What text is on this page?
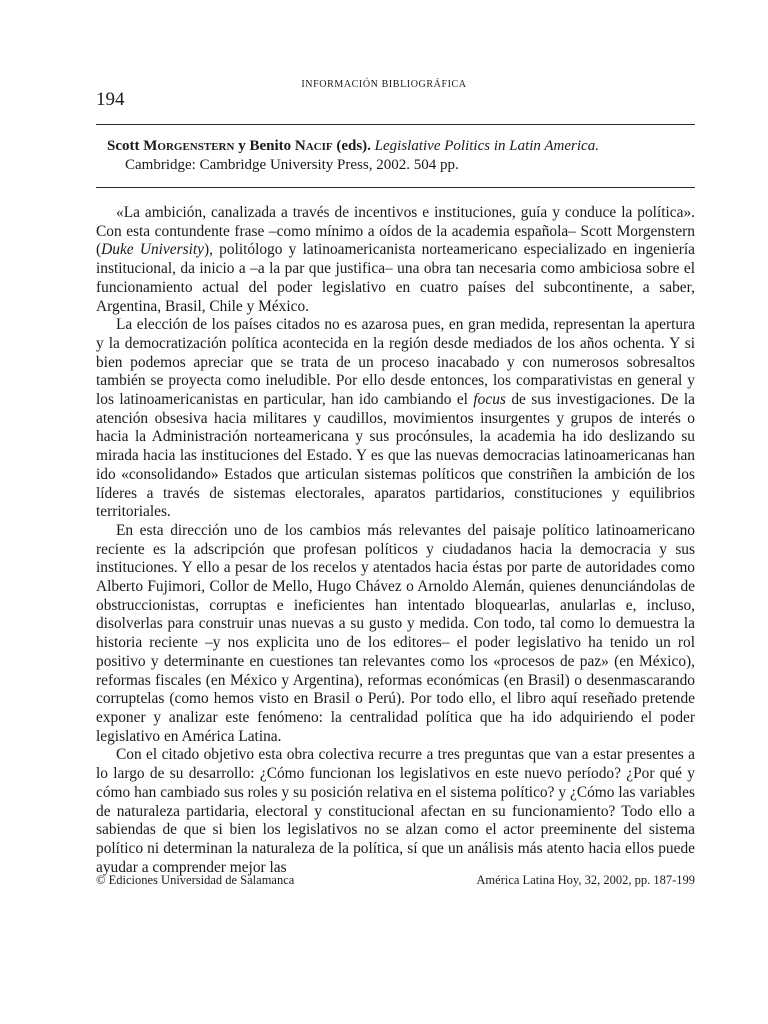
INFORMACIÓN BIBLIOGRÁFICA
194
Scott Morgenstern y Benito Nacif (eds). Legislative Politics in Latin America.
Cambridge: Cambridge University Press, 2002. 504 pp.

«La ambición, canalizada a través de incentivos e instituciones, guía y conduce la política». Con esta contundente frase –como mínimo a oídos de la academia española– Scott Morgenstern (Duke University), politólogo y latinoamericanista norteamericano especializado en ingeniería institucional, da inicio a –a la par que justifica– una obra tan necesaria como ambiciosa sobre el funcionamiento actual del poder legislativo en cuatro países del subcontinente, a saber, Argentina, Brasil, Chile y México.

La elección de los países citados no es azarosa pues, en gran medida, representan la apertura y la democratización política acontecida en la región desde mediados de los años ochenta. Y si bien podemos apreciar que se trata de un proceso inacabado y con numerosos sobresaltos también se proyecta como ineludible. Por ello desde entonces, los comparativistas en general y los latinoamericanistas en particular, han ido cambiando el focus de sus investigaciones. De la atención obsesiva hacia militares y caudillos, movimientos insurgentes y grupos de interés o hacia la Administración norteamericana y sus procónsules, la academia ha ido deslizando su mirada hacia las instituciones del Estado. Y es que las nuevas democracias latinoamericanas han ido «consolidando» Estados que articulan sistemas políticos que constriñen la ambición de los líderes a través de sistemas electorales, aparatos partidarios, constituciones y equilibrios territoriales.

En esta dirección uno de los cambios más relevantes del paisaje político latinoamericano reciente es la adscripción que profesan políticos y ciudadanos hacia la democracia y sus instituciones. Y ello a pesar de los recelos y atentados hacia éstas por parte de autoridades como Alberto Fujimori, Collor de Mello, Hugo Chávez o Arnoldo Alemán, quienes denunciándolas de obstruccionistas, corruptas e ineficientes han intentado bloquearlas, anularlas e, incluso, disolverlas para construir unas nuevas a su gusto y medida. Con todo, tal como lo demuestra la historia reciente –y nos explicita uno de los editores– el poder legislativo ha tenido un rol positivo y determinante en cuestiones tan relevantes como los «procesos de paz» (en México), reformas fiscales (en México y Argentina), reformas económicas (en Brasil) o desenmascarando corruptelas (como hemos visto en Brasil o Perú). Por todo ello, el libro aquí reseñado pretende exponer y analizar este fenómeno: la centralidad política que ha ido adquiriendo el poder legislativo en América Latina.

Con el citado objetivo esta obra colectiva recurre a tres preguntas que van a estar presentes a lo largo de su desarrollo: ¿Cómo funcionan los legislativos en este nuevo período? ¿Por qué y cómo han cambiado sus roles y su posición relativa en el sistema político? y ¿Cómo las variables de naturaleza partidaria, electoral y constitucional afectan en su funcionamiento? Todo ello a sabiendas de que si bien los legislativos no se alzan como el actor preeminente del sistema político ni determinan la naturaleza de la política, sí que un análisis más atento hacia ellos puede ayudar a comprender mejor las

© Ediciones Universidad de Salamanca	América Latina Hoy, 32, 2002, pp. 187-199
